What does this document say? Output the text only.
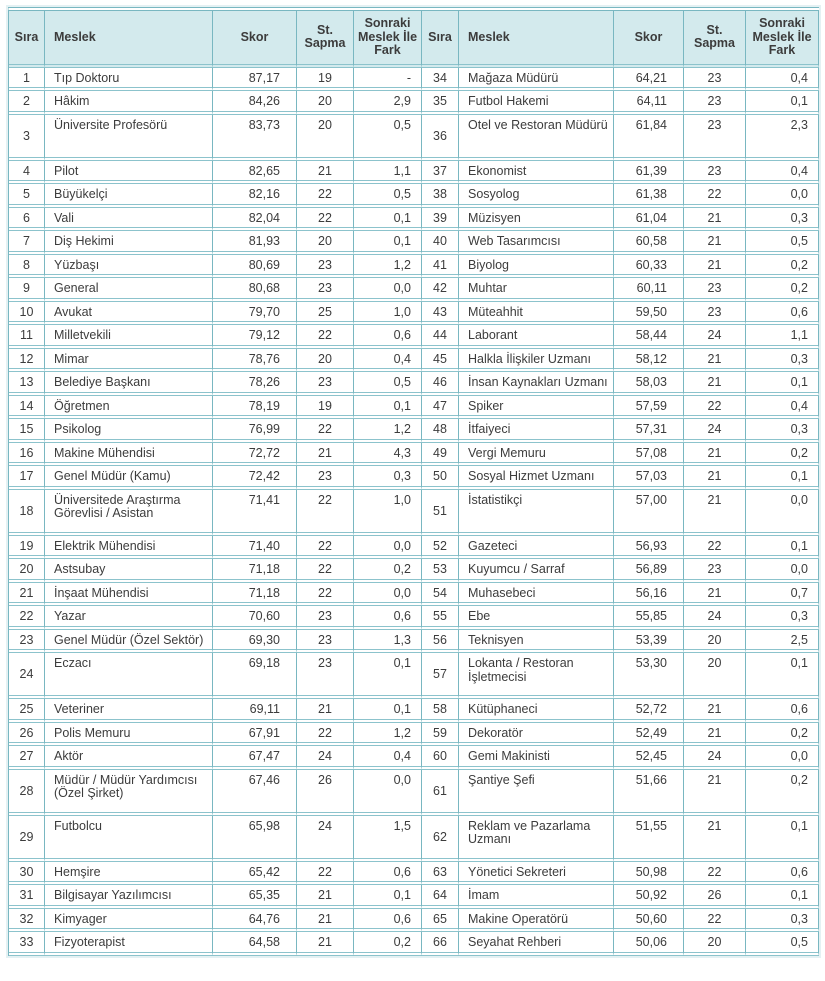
Sıra	Meslek	Skor	St. Sapma	Sonraki Meslek İle Fark	Sıra	Meslek	Skor	St. Sapma	Sonraki Meslek İle Fark
1	Tıp Doktoru	87,17	19	-	34	Mağaza Müdürü	64,21	23	0,4
2	Hâkim	84,26	20	2,9	35	Futbol Hakemi	64,11	23	0,1
3	Üniversite Profesörü	83,73	20	0,5	36	Otel ve Restoran Müdürü	61,84	23	2,3
4	Pilot	82,65	21	1,1	37	Ekonomist	61,39	23	0,4
5	Büyükelçi	82,16	22	0,5	38	Sosyolog	61,38	22	0,0
6	Vali	82,04	22	0,1	39	Müzisyen	61,04	21	0,3
7	Diş Hekimi	81,93	20	0,1	40	Web Tasarımcısı	60,58	21	0,5
8	Yüzbaşı	80,69	23	1,2	41	Biyolog	60,33	21	0,2
9	General	80,68	23	0,0	42	Muhtar	60,11	23	0,2
10	Avukat	79,70	25	1,0	43	Müteahhit	59,50	23	0,6
11	Milletvekili	79,12	22	0,6	44	Laborant	58,44	24	1,1
12	Mimar	78,76	20	0,4	45	Halkla İlişkiler Uzmanı	58,12	21	0,3
13	Belediye Başkanı	78,26	23	0,5	46	İnsan Kaynakları Uzmanı	58,03	21	0,1
14	Öğretmen	78,19	19	0,1	47	Spiker	57,59	22	0,4
15	Psikolog	76,99	22	1,2	48	İtfaiyeci	57,31	24	0,3
16	Makine Mühendisi	72,72	21	4,3	49	Vergi Memuru	57,08	21	0,2
17	Genel Müdür (Kamu)	72,42	23	0,3	50	Sosyal Hizmet Uzmanı	57,03	21	0,1
18	Üniversitede Araştırma Görevlisi / Asistan	71,41	22	1,0	51	İstatistikçi	57,00	21	0,0
19	Elektrik Mühendisi	71,40	22	0,0	52	Gazeteci	56,93	22	0,1
20	Astsubay	71,18	22	0,2	53	Kuyumcu / Sarraf	56,89	23	0,0
21	İnşaat Mühendisi	71,18	22	0,0	54	Muhasebeci	56,16	21	0,7
22	Yazar	70,60	23	0,6	55	Ebe	55,85	24	0,3
23	Genel Müdür (Özel Sektör)	69,30	23	1,3	56	Teknisyen	53,39	20	2,5
24	Eczacı	69,18	23	0,1	57	Lokanta / Restoran İşletmecisi	53,30	20	0,1
25	Veteriner	69,11	21	0,1	58	Kütüphaneci	52,72	21	0,6
26	Polis Memuru	67,91	22	1,2	59	Dekoratör	52,49	21	0,2
27	Aktör	67,47	24	0,4	60	Gemi Makinisti	52,45	24	0,0
28	Müdür / Müdür Yardımcısı (Özel Şirket)	67,46	26	0,0	61	Şantiye Şefi	51,66	21	0,2
29	Futbolcu	65,98	24	1,5	62	Reklam ve Pazarlama Uzmanı	51,55	21	0,1
30	Hemşire	65,42	22	0,6	63	Yönetici Sekreteri	50,98	22	0,6
31	Bilgisayar Yazılımcısı	65,35	21	0,1	64	İmam	50,92	26	0,1
32	Kimyager	64,76	21	0,6	65	Makine Operatörü	50,60	22	0,3
33	Fizyoterapist	64,58	21	0,2	66	Seyahat Rehberi	50,06	20	0,5
